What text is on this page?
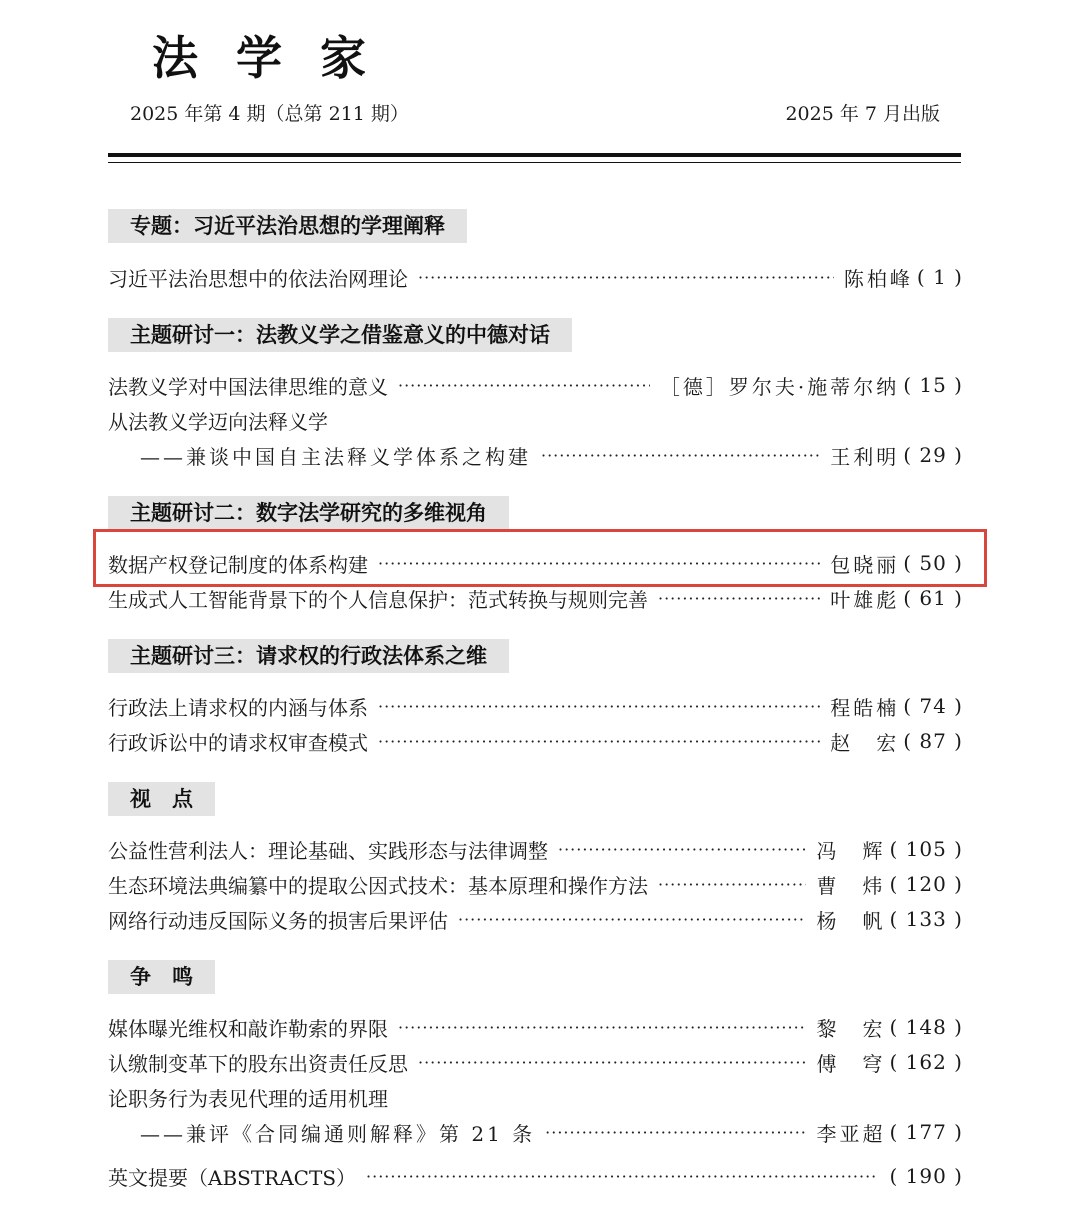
法学家
2025 年第 4 期（总第 211 期）	2025 年 7 月出版
专题：习近平法治思想的学理阐释
习近平法治思想中的依法治网理论 ·····	陈柏峰	( 1 )
主题研讨一：法教义学之借鉴意义的中德对话
法教义学对中国法律思维的意义 ·····	［德］罗尔夫·施蒂尔纳	( 15 )
从法教义学迈向法释义学
——兼谈中国自主法释义学体系之构建 ·····	王利明	( 29 )
主题研讨二：数字法学研究的多维视角
数据产权登记制度的体系构建 ·····	包晓丽	( 50 )
生成式人工智能背景下的个人信息保护：范式转换与规则完善 ·····	叶雄彪	( 61 )
主题研讨三：请求权的行政法体系之维
行政法上请求权的内涵与体系 ·····	程皓楠	( 74 )
行政诉讼中的请求权审查模式 ·····	赵　宏	( 87 )
视　点
公益性营利法人：理论基础、实践形态与法律调整 ·····	冯　辉	( 105 )
生态环境法典编纂中的提取公因式技术：基本原理和操作方法 ·····	曹　炜	( 120 )
网络行动违反国际义务的损害后果评估 ·····	杨　帆	( 133 )
争　鸣
媒体曝光维权和敲诈勒索的界限 ·····	黎　宏	( 148 )
认缴制变革下的股东出资责任反思 ·····	傅　穹	( 162 )
论职务行为表见代理的适用机理
——兼评《合同编通则解释》第 21 条 ·····	李亚超	( 177 )
英文提要（ABSTRACTS） ·····	( 190 )
